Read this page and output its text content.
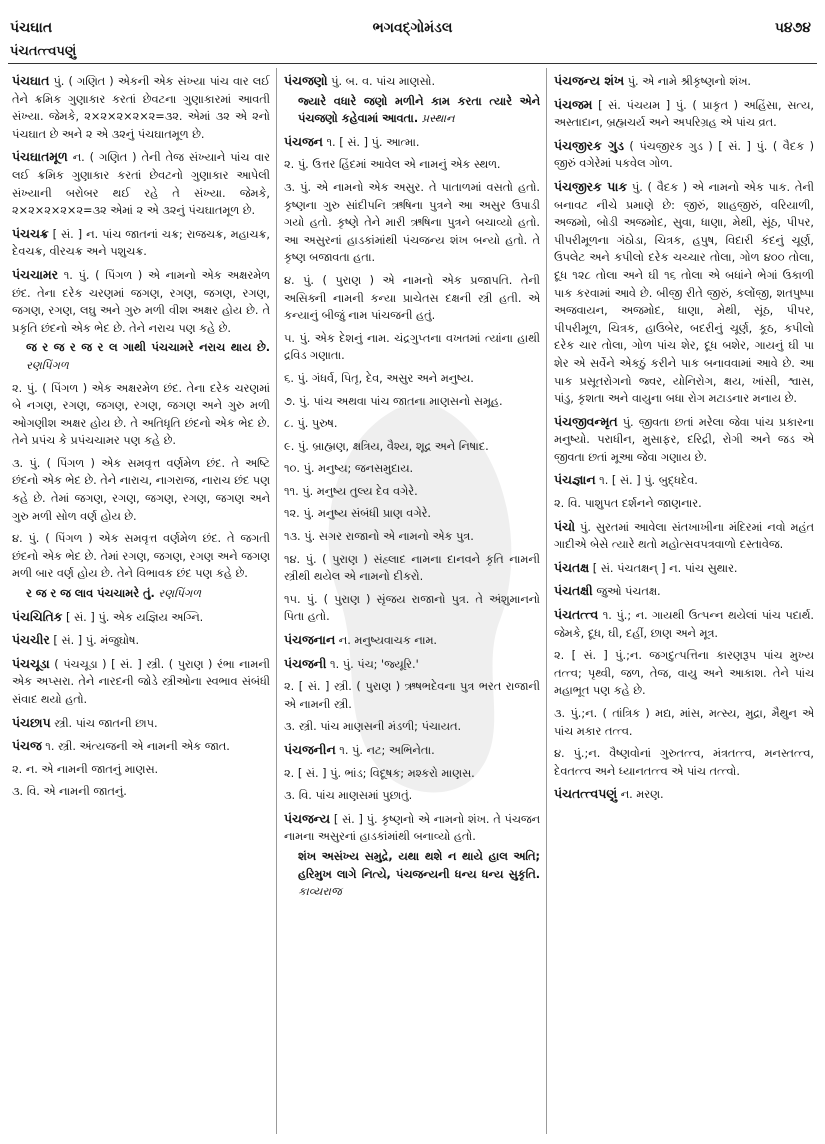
પંચઘાત	ભગવદ્ગોમંડલ	પ૪૭૪
પંચતત્ત્વપણું

પંચઘાત પું. ( ગણિત ) એકની એક સંખ્યા પાંચ વાર લઈ તેને ક્રમિક ગુણાકાર કરતાં છેવટના ગુણાકારમાં આવતી સંખ્યા. જેમકે, ૨×૨×૨×૨×૨=૩૨. એમાં ૩૨ એ ૨નો પંચઘાત છે અને ૨ એ ૩૨નું પંચઘાતમૂળ છે.

પંચઘાતમૂળ ન. ( ગણિત ) તેની તેજ સંખ્યાને પાંચ વાર લઈ ક્રમિક ગુણાકાર કરતાં છેવટનો ગુણાકાર આપેલી સંખ્યાની બરોબર થઈ રહે તે સંખ્યા. જેમકે, ૨×૨×૨×૨×૨=૩૨ એમાં ૨ એ ૩૨નું પંચઘાતમૂળ છે.

પંચચક્ર [ સં. ] ન. પાંચ જાતનાં ચક્ર; રાજચક્ર, મહાચક્ર, દેવચક્ર, વીરચક્ર અને પશુચક્ર.

પંચચામર ૧. પું. ( પિંગળ ) એ નામનો એક અક્ષરમેળ છંદ. તેના દરેક ચરણમાં જગણ, રગણ, જગણ, રગણ, જગણ, રગણ, લઘુ અને ગુરુ મળી વીશ અક્ષર હોય છે. તે પ્રકૃતિ છંદનો એક ભેદ છે. તેને નરાચ પણ કહે છે.
જ ર જ ર જ ર લ ગાથી પંચચામરે નરાચ થાય છે. રણપિંગળ

૨. પું. ( પિંગળ ) એક અક્ષરમેળ છંદ. તેના દરેક ચરણમાં બે નગણ, રગણ, જગણ, રગણ, જગણ અને ગુરુ મળી ઓગણીશ અક્ષર હોય છે. તે અતિધૃતિ છંદનો એક ભેદ છે. તેને પ્રપંચ કે પ્રપંચચામર પણ કહે છે.

૩. પું. ( પિંગળ ) એક સમવૃત્ત વર્ણમેળ છંદ. તે અષ્ટિ છંદનો એક ભેદ છે. તેને નારાચ, નાગરાજ, નારાચ છંદ પણ કહે છે. તેમાં જગણ, રગણ, જગણ, રગણ, જગણ અને ગુરુ મળી સોળ વર્ણ હોય છે.

૪. પું. ( પિંગળ ) એક સમવૃત્ત વર્ણમેળ છંદ. તે જગતી છંદનો એક ભેદ છે. તેમાં રગણ, જગણ, રગણ અને જગણ મળી બાર વર્ણ હોય છે. તેને વિભાવક છંદ પણ કહે છે.
ર જ ર જ લાવ પંચચામરે તું. રણપિંગળ

પંચચિતિક [ સં. ] પું. એક યજ્ઞિય અગ્નિ.

પંચચીર [ સં. ] પું. મંજુઘોષ.

પંચચૂડા ( પંચચૂડા ) [ સં. ] સ્ત્રી. ( પુરાણ ) રંભા નામની એક અપ્સરા. તેને નારદની જોડે સ્ત્રીઓના સ્વભાવ સંબંધી સંવાદ થયો હતો.

પંચછાપ સ્ત્રી. પાંચ જાતની છાપ.

પંચજ ૧. સ્ત્રી. અંત્યજની એ નામની એક જાત.

૨. ન. એ નામની જાતનું માણસ.

૩. વિ. એ નામની જાતનું.

પંચજણો પું. બ. વ. પાંચ માણસો.
જ્યારે વધારે જણો મળીને કામ કરતા ત્યારે એને પંચજણો કહેવામાં આવતા. પ્રસ્થાન

પંચજન ૧. [ સં. ] પું. આત્મા.

૨. પું. ઉત્તર હિંદમાં આવેલ એ નામનું એક સ્થળ.

૩. પું. એ નામનો એક અસુર. તે પાતાળમાં વસતો હતો. કૃષ્ણના ગુરુ સાંદીપનિ ઋષિના પુત્રને આ અસુર ઉપાડી ગયો હતો. કૃષ્ણે તેને મારી ઋષિના પુત્રને બચાવ્યો હતો. આ અસુરનાં હાડકાંમાંથી પંચજન્ય શંખ બન્યો હતો. તે કૃષ્ણ બજાવતા હતા.

૪. પું. ( પુરાણ ) એ નામનો એક પ્રજાપતિ. તેની અસિક્ની નામની કન્યા પ્રાચેતસ દક્ષની સ્ત્રી હતી. એ કન્યાનું બીજું નામ પાંચજની હતું.

૫. પું. એક દેશનું નામ. ચંદ્રગુપ્તના વખતમાં ત્યાંના હાથી દ્રવિડ ગણાતા.

૬. પું. ગંધર્વ, પિતૃ, દેવ, અસુર અને મનુષ્ય.

૭. પું. પાંચ અથવા પાંચ જાતના માણસનો સમૂહ.

૮. પું. પુરુષ.

૯. પું. બ્રાહ્મણ, ક્ષત્રિય, વૈશ્ય, શૂદ્ર અને નિષાદ.

૧૦. પું. મનુષ્ય; જનસમુદાય.

૧૧. પું. મનુષ્ય તુલ્ય દેવ વગેરે.

૧૨. પું. મનુષ્ય સંબંધી પ્રાણ વગેરે.

૧૩. પું. સગર રાજાનો એ નામનો એક પુત્ર.

૧૪. પું. ( પુરાણ ) સંહ્લાદ નામના દાનવને કૃતિ નામની સ્ત્રીથી થયેલ એ નામનો દીકરો.

૧૫. પું. ( પુરાણ ) સૃંજય રાજાનો પુત્ર. તે અંશુમાનનો પિતા હતો.

પંચજનાન ન. મનુષ્યવાચક નામ.

પંચજની ૧. પું. પંચ; 'જ્યૂરિ.'

૨. [ સં. ] સ્ત્રી. ( પુરાણ ) ઋષભદેવના પુત્ર ભરત રાજાની એ નામની સ્ત્રી.

૩. સ્ત્રી. પાંચ માણસની મંડળી; પંચાયત.

પંચજનીન ૧. પું. નટ; અભિનેતા.

૨. [ સં. ] પું. ભાંડ; વિદૂષક; મશ્કરો માણસ.

૩. વિ. પાંચ માણસમાં પુછાતું.

પંચજન્ય [ સં. ] પું. કૃષ્ણનો એ નામનો શંખ. તે પંચજન નામના અસુરનાં હાડકાંમાંથી બનાવ્યો હતો.
શંખ અસંખ્ય સમુદ્રે, યથા થશે ન થાયે હાલ અતિ; હરિમુખ લાગે નિત્યે, પંચજન્યની ધન્ય ધન્ય સુકૃતિ. કાવ્યરાજ

પંચજન્ય શંખ પું. એ નામે શ્રીકૃષ્ણનો શંખ.

પંચજમ [ સં. પંચયમ ] પું. ( પ્રાકૃત ) અહિંસા, સત્ય, અસ્તાદાન, બ્રહ્મચર્ય અને અપરિગ્રહ એ પાંચ વ્રત.

પંચજીરક ગુડ ( પંચજીરક ગુડ ) [ સં. ] પું. ( વૈદક ) જીરું વગેરેમાં પકવેલ ગોળ.

પંચજીરક પાક પું. ( વૈદક ) એ નામનો એક પાક. તેની બનાવટ નીચે પ્રમાણે છે: જીરું, શાહજીરું, વરિયાળી, અજમો, બોડી અજમોદ, સુવા, ધાણા, મેથી, સૂંઠ, પીપર, પીપરીમૂળના ગંઠોડા, ચિત્રક, હપુષ, વિદારી કંદનું ચૂર્ણ, ઉપલેટ અને કપીલો દરેક ચચ્ચાર તોલા, ગોળ ૪૦૦ તોલા, દૂધ ૧૨૮ તોલા અને ઘી ૧૬ તોલા એ બધાંને ભેગાં ઉકાળી પાક કરવામાં આવે છે. બીજી રીતે જીરું, કલોંજી, શતપુષ્પા અજવાયન, અજમોદ, ધાણા, મેથી, સૂંઠ, પીપર, પીપરીમૂળ, ચિત્રક, હાઉબેર, બદરીનું ચૂર્ણ, કૂઠ, કપીલો દરેક ચાર તોલા, ગોળ પાંચ શેર, દૂધ બશેર, ગાયનું ઘી પા શેર એ સર્વેને એકઠું કરીને પાક બનાવવામાં આવે છે. આ પાક પ્રસૂતરોગનો જ્વર, યોનિરોગ, ક્ષય, ખાંસી, શ્વાસ, પાંડુ, કૃશતા અને વાયુના બધા રોગ મટાડનાર મનાય છે.

પંચજીવન્મૃત પું. જીવતા છતાં મરેલા જેવા પાંચ પ્રકારના મનુષ્યો. પરાધીન, મુસાફર, દરિદ્રી, રોગી અને જડ એ જીવતા છતાં મૂઆ જેવા ગણાય છે.

પંચજ્ઞાન ૧. [ સં. ] પું. બુદ્ધદેવ.

૨. વિ. પાશુપત દર્શનને જાણનાર.

પંચો પું. સુરતમાં આવેલા સંતખાખીના મંદિરમાં નવો મહંત ગાદીએ બેસે ત્યારે થતો મહોત્સવપત્રવાળો દસ્તાવેજ.

પંચતક્ષ [ સં. પંચતક્ષન્ ] ન. પાંચ સુથાર.

પંચતક્ષી જુઓ પંચતક્ષ.

પંચતત્ત્વ ૧. પું.; ન. ગાયથી ઉત્પન્ન થયેલાં પાંચ પદાર્થ. જેમકે, દૂધ, ઘી, દહીં, છાણ અને મૂત્ર.

૨. [ સં. ] પું.;ન. જગદુત્પત્તિના કારણરૂપ પાંચ મુખ્ય તત્ત્વ; પૃથ્વી, જળ, તેજ, વાયુ અને આકાશ. તેને પાંચ મહાભૂત પણ કહે છે.

૩. પું.;ન. ( તાંત્રિક ) મદ્ય, માંસ, મત્સ્ય, મુદ્રા, મૈથુન એ પાંચ મકાર તત્ત્વ.

૪. પું.;ન. વૈષ્ણવોનાં ગુરુતત્ત્વ, મંત્રતત્ત્વ, મનસ્તત્ત્વ, દેવતત્ત્વ અને ધ્યાનતત્ત્વ એ પાંચ તત્ત્વો.

પંચતત્ત્વપણું ન. મરણ.
